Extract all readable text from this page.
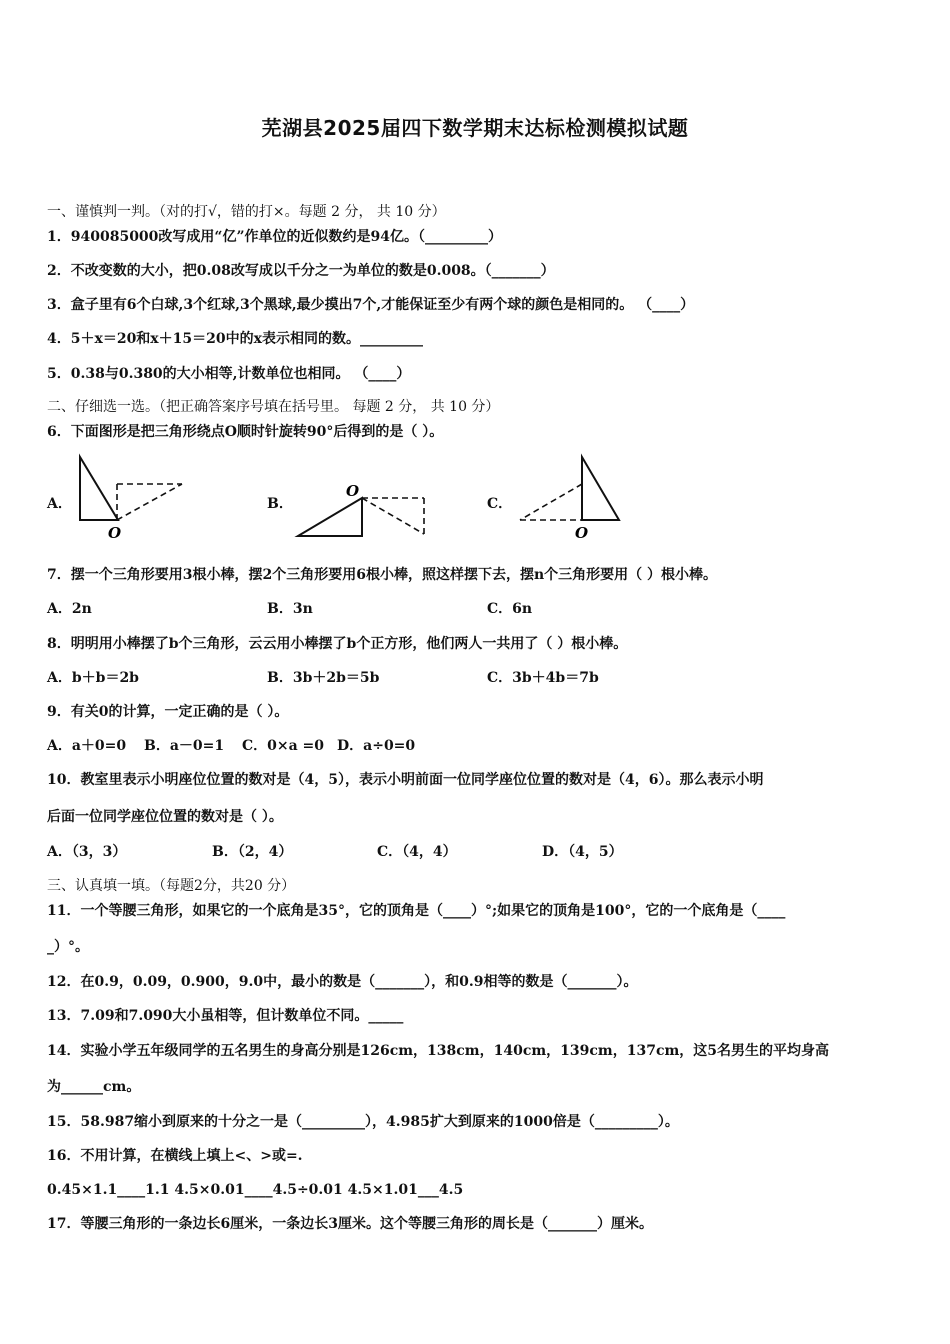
芜湖县2025届四下数学期末达标检测模拟试题
一、谨慎判一判。（对的打√，错的打×。每题 2 分， 共 10 分）
1．940085000改写成用“亿”作单位的近似数约是94亿。（_________）
2．不改变数的大小，把0.08改写成以千分之一为单位的数是0.008。（_______）
3．盒子里有6个白球,3个红球,3个黑球,最少摸出7个,才能保证至少有两个球的颜色是相同的。 （____）
4．5＋x＝20和x＋15＝20中的x表示相同的数。_________
5．0.38与0.380的大小相等,计数单位也相同。 （____）
二、仔细选一选。（把正确答案序号填在括号里。 每题 2 分， 共 10 分）
6．下面图形是把三角形绕点O顺时针旋转90°后得到的是（ ）。
A．
O
B．
O
C．
O
7．摆一个三角形要用3根小棒，摆2个三角形要用6根小棒，照这样摆下去，摆n个三角形要用（ ）根小棒。
A．2n	B．3n	C．6n
8．明明用小棒摆了b个三角形，云云用小棒摆了b个正方形，他们两人一共用了（ ）根小棒。
A．b＋b＝2b	B．3b＋2b＝5b	C．3b＋4b＝7b
9．有关0的计算，一定正确的是（ ）。
A．a＋0=0 B．a－0=1 C．0×a =0 D．a÷0=0
10．教室里表示小明座位位置的数对是（4，5），表示小明前面一位同学座位位置的数对是（4，6）。那么表示小明
后面一位同学座位位置的数对是（ ）。
A．（3，3）	B．（2，4）	C．（4，4）	D．（4，5）
三、认真填一填。（每题2分，共20 分）
11．一个等腰三角形，如果它的一个底角是35°，它的顶角是（____）°;如果它的顶角是100°，它的一个底角是（____
_）°。
12．在0.9，0.09，0.900，9.0中，最小的数是（_______），和0.9相等的数是（_______）。
13．7.09和7.090大小虽相等，但计数单位不同。_____
14．实验小学五年级同学的五名男生的身高分别是126cm，138cm，140cm，139cm，137cm，这5名男生的平均身高
为______cm。
15．58.987缩小到原来的十分之一是（_________），4.985扩大到原来的1000倍是（_________）。
16．不用计算，在横线上填上<、>或=.
0.45×1.1____1.1 4.5×0.01____4.5÷0.01 4.5×1.01___4.5
17．等腰三角形的一条边长6厘米，一条边长3厘米。这个等腰三角形的周长是（_______）厘米。
